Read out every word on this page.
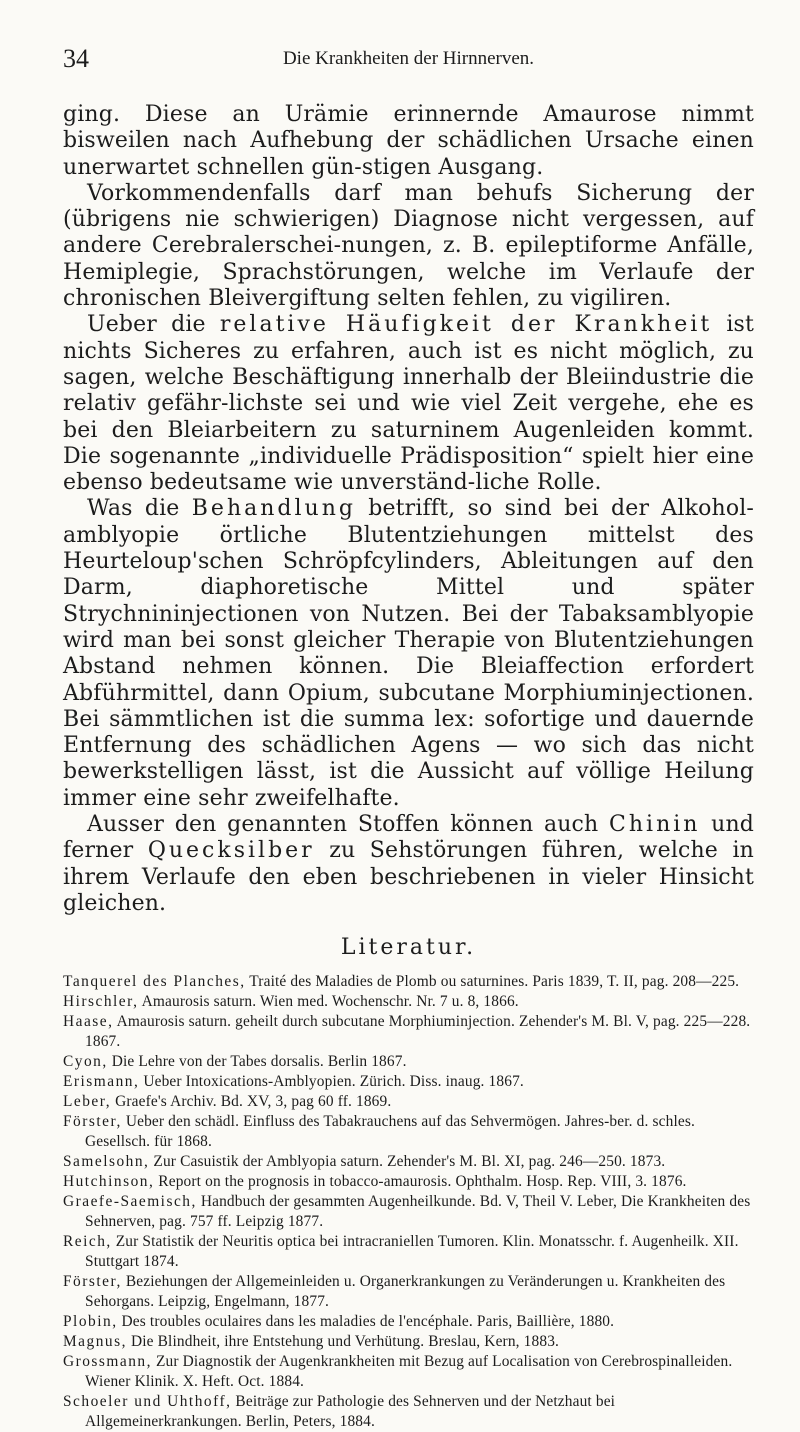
34	Die Krankheiten der Hirnnerven.

ging. Diese an Urämie erinnernde Amaurose nimmt bisweilen nach Aufhebung der schädlichen Ursache einen unerwartet schnellen gün-stigen Ausgang.

Vorkommendenfalls darf man behufs Sicherung der (übrigens nie schwierigen) Diagnose nicht vergessen, auf andere Cerebralerschei-nungen, z. B. epileptiforme Anfälle, Hemiplegie, Sprachstörungen, welche im Verlaufe der chronischen Bleivergiftung selten fehlen, zu vigiliren.

Ueber die relative Häufigkeit der Krankheit ist nichts Sicheres zu erfahren, auch ist es nicht möglich, zu sagen, welche Beschäftigung innerhalb der Bleiindustrie die relativ gefähr-lichste sei und wie viel Zeit vergehe, ehe es bei den Bleiarbeitern zu saturninem Augenleiden kommt. Die sogenannte „individuelle Prädisposition“ spielt hier eine ebenso bedeutsame wie unverständ-liche Rolle.

Was die Behandlung betrifft, so sind bei der Alkohol-amblyopie örtliche Blutentziehungen mittelst des Heurteloup'schen Schröpfcylinders, Ableitungen auf den Darm, diaphoretische Mittel und später Strychnininjectionen von Nutzen. Bei der Tabaksamblyopie wird man bei sonst gleicher Therapie von Blutentziehungen Abstand nehmen können. Die Bleiaffection erfordert Abführmittel, dann Opium, subcutane Morphiuminjectionen. Bei sämmtlichen ist die summa lex: sofortige und dauernde Entfernung des schädlichen Agens — wo sich das nicht bewerkstelligen lässt, ist die Aussicht auf völlige Heilung immer eine sehr zweifelhafte.

Ausser den genannten Stoffen können auch Chinin und ferner Quecksilber zu Sehstörungen führen, welche in ihrem Verlaufe den eben beschriebenen in vieler Hinsicht gleichen.

Literatur.

Tanquerel des Planches, Traité des Maladies de Plomb ou saturnines. Paris 1839, T. II, pag. 208—225.

Hirschler, Amaurosis saturn. Wien med. Wochenschr. Nr. 7 u. 8, 1866.

Haase, Amaurosis saturn. geheilt durch subcutane Morphiuminjection. Zehender's M. Bl. V, pag. 225—228. 1867.

Cyon, Die Lehre von der Tabes dorsalis. Berlin 1867.

Erismann, Ueber Intoxications-Amblyopien. Zürich. Diss. inaug. 1867.

Leber, Graefe's Archiv. Bd. XV, 3, pag 60 ff. 1869.

Förster, Ueber den schädl. Einfluss des Tabakrauchens auf das Sehvermögen. Jahres-ber. d. schles. Gesellsch. für 1868.

Samelsohn, Zur Casuistik der Amblyopia saturn. Zehender's M. Bl. XI, pag. 246—250. 1873.

Hutchinson, Report on the prognosis in tobacco-amaurosis. Ophthalm. Hosp. Rep. VIII, 3. 1876.

Graefe-Saemisch, Handbuch der gesammten Augenheilkunde. Bd. V, Theil V. Leber, Die Krankheiten des Sehnerven, pag. 757 ff. Leipzig 1877.

Reich, Zur Statistik der Neuritis optica bei intracraniellen Tumoren. Klin. Monatsschr. f. Augenheilk. XII. Stuttgart 1874.

Förster, Beziehungen der Allgemeinleiden u. Organerkrankungen zu Veränderungen u. Krankheiten des Sehorgans. Leipzig, Engelmann, 1877.

Plobin, Des troubles oculaires dans les maladies de l'encéphale. Paris, Baillière, 1880.

Magnus, Die Blindheit, ihre Entstehung und Verhütung. Breslau, Kern, 1883.

Grossmann, Zur Diagnostik der Augenkrankheiten mit Bezug auf Localisation von Cerebrospinalleiden. Wiener Klinik. X. Heft. Oct. 1884.

Schoeler und Uhthoff, Beiträge zur Pathologie des Sehnerven und der Netzhaut bei Allgemeinerkrankungen. Berlin, Peters, 1884.
